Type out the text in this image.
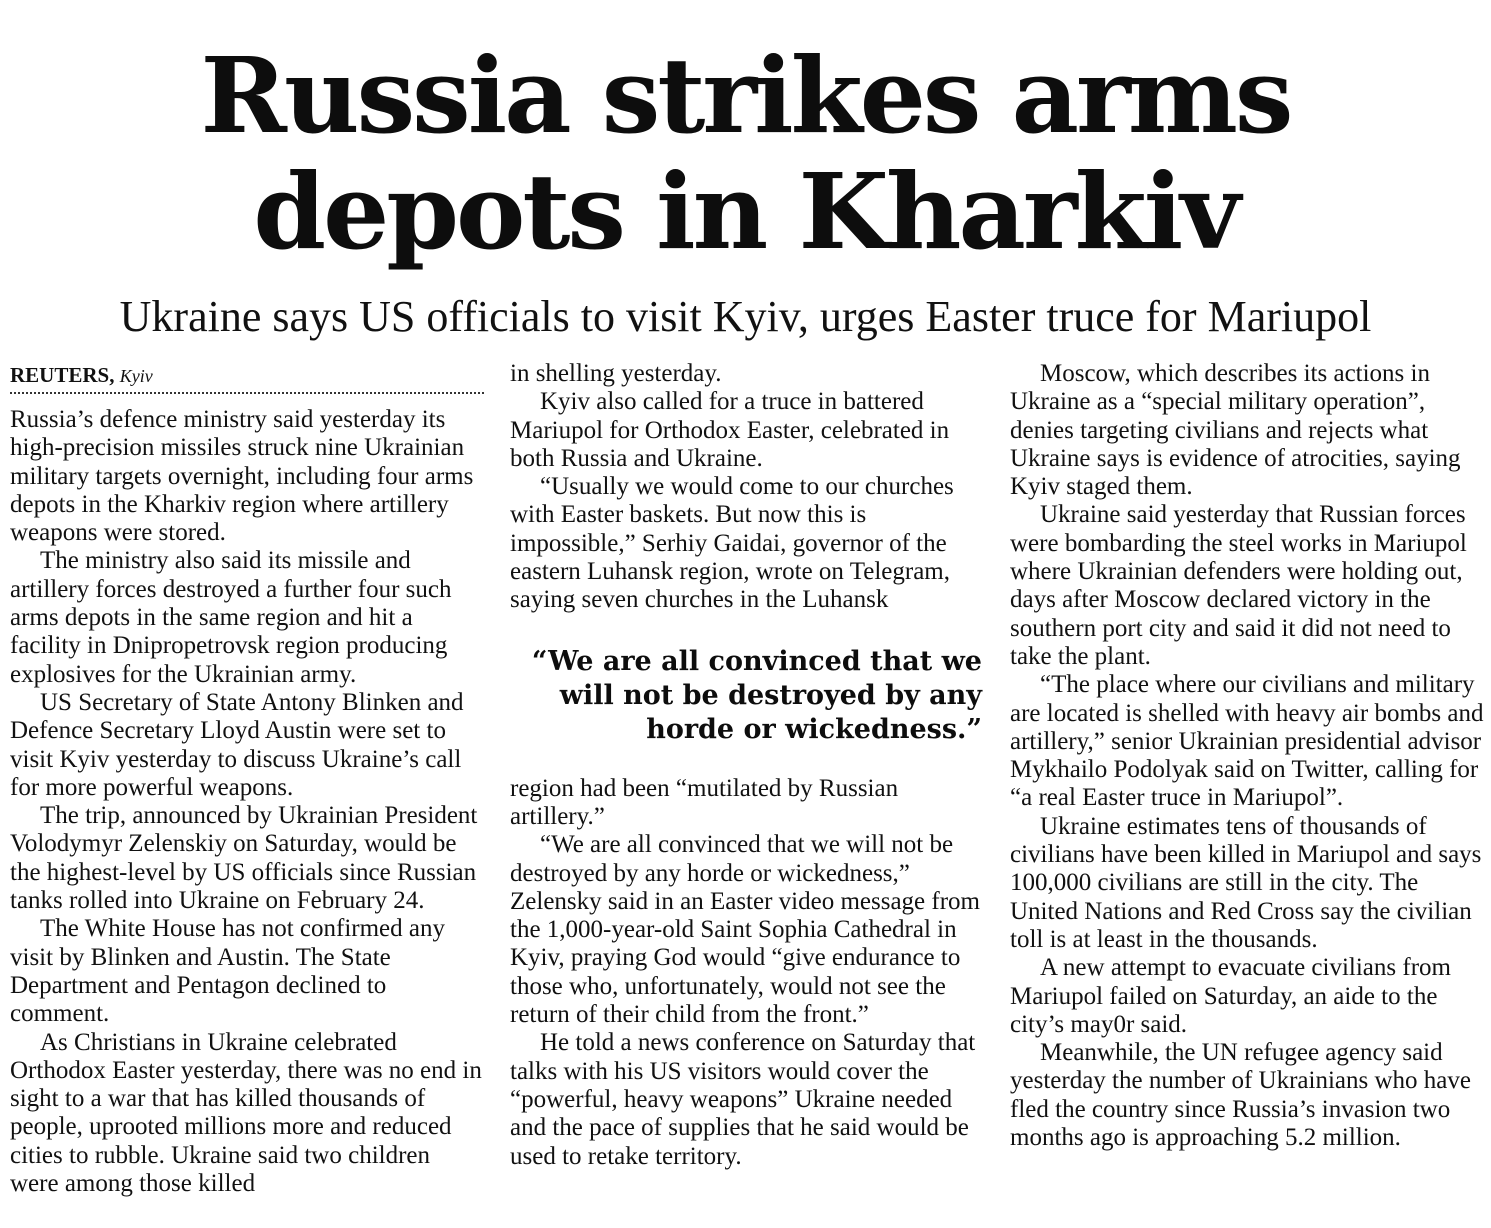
Russia strikes arms
depots in Kharkiv
Ukraine says US officials to visit Kyiv, urges Easter truce for Mariupol
REUTERS, Kyiv

Russia’s defence ministry said yesterday its high-precision missiles struck nine Ukrainian military targets overnight, including four arms depots in the Kharkiv region where artillery weapons were stored.

The ministry also said its missile and artillery forces destroyed a further four such arms depots in the same region and hit a facility in Dnipropetrovsk region producing explosives for the Ukrainian army.

US Secretary of State Antony Blinken and Defence Secretary Lloyd Austin were set to visit Kyiv yesterday to discuss Ukraine’s call for more powerful weapons.

The trip, announced by Ukrainian President Volodymyr Zelenskiy on Saturday, would be the highest-level by US officials since Russian tanks rolled into Ukraine on February 24.

The White House has not confirmed any visit by Blinken and Austin. The State Department and Pentagon declined to comment.

As Christians in Ukraine celebrated Orthodox Easter yesterday, there was no end in sight to a war that has killed thousands of people, uprooted millions more and reduced cities to rubble. Ukraine said two children were among those killed

in shelling yesterday.

Kyiv also called for a truce in battered Mariupol for Orthodox Easter, celebrated in both Russia and Ukraine.

“Usually we would come to our churches with Easter baskets. But now this is impossible,” Serhiy Gaidai, governor of the eastern Luhansk region, wrote on Telegram, saying seven churches in the Luhansk

“We are all convinced that we will not be destroyed by any horde or wickedness.”

region had been “mutilated by Russian artillery.”

“We are all convinced that we will not be destroyed by any horde or wickedness,” Zelensky said in an Easter video message from the 1,000-year-old Saint Sophia Cathedral in Kyiv, praying God would “give endurance to those who, unfortunately, would not see the return of their child from the front.”

He told a news conference on Saturday that talks with his US visitors would cover the “powerful, heavy weapons” Ukraine needed and the pace of supplies that he said would be used to retake territory.

Moscow, which describes its actions in Ukraine as a “special military operation”, denies targeting civilians and rejects what Ukraine says is evidence of atrocities, saying Kyiv staged them.

Ukraine said yesterday that Russian forces were bombarding the steel works in Mariupol where Ukrainian defenders were holding out, days after Moscow declared victory in the southern port city and said it did not need to take the plant.

“The place where our civilians and military are located is shelled with heavy air bombs and artillery,” senior Ukrainian presidential advisor Mykhailo Podolyak said on Twitter, calling for “a real Easter truce in Mariupol”.

Ukraine estimates tens of thousands of civilians have been killed in Mariupol and says 100,000 civilians are still in the city. The United Nations and Red Cross say the civilian toll is at least in the thousands.

A new attempt to evacuate civilians from Mariupol failed on Saturday, an aide to the city’s may0r said.

Meanwhile, the UN refugee agency said yesterday the number of Ukrainians who have fled the country since Russia’s invasion two months ago is approaching 5.2 million.
